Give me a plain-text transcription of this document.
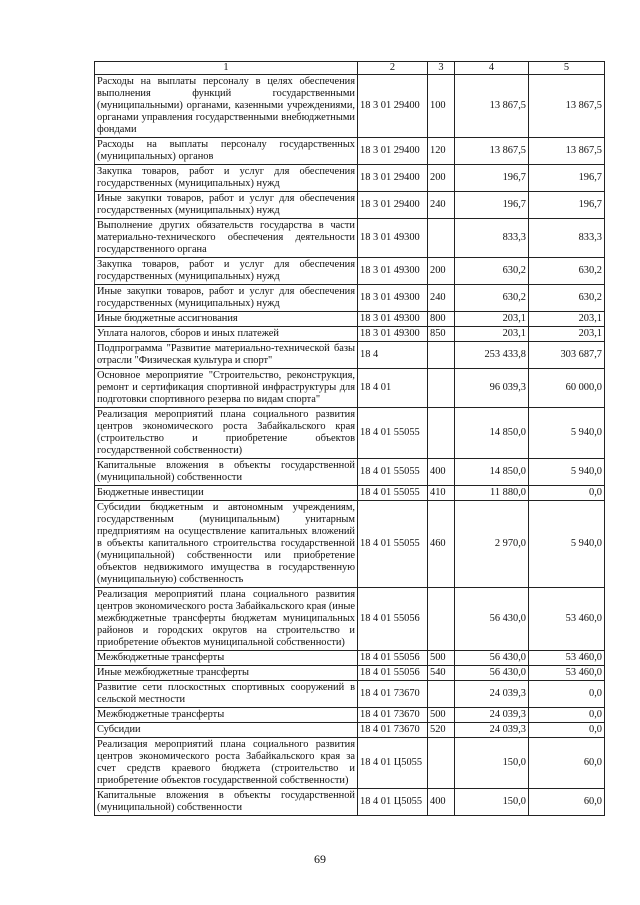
1	2	3	4	5
Расходы на выплаты персоналу в целях обеспечения выполнения функций государственными (муниципальными) органами, казенными учреждениями, органами управления государственными внебюджетными фондами	18 3 01 29400	100	13 867,5	13 867,5
Расходы на выплаты персоналу государственных (муниципальных) органов	18 3 01 29400	120	13 867,5	13 867,5
Закупка товаров, работ и услуг для обеспечения государственных (муниципальных) нужд	18 3 01 29400	200	196,7	196,7
Иные закупки товаров, работ и услуг для обеспечения государственных (муниципальных) нужд	18 3 01 29400	240	196,7	196,7
Выполнение других обязательств государства в части материально-технического обеспечения деятельности государственного органа	18 3 01 49300		833,3	833,3
Закупка товаров, работ и услуг для обеспечения государственных (муниципальных) нужд	18 3 01 49300	200	630,2	630,2
Иные закупки товаров, работ и услуг для обеспечения государственных (муниципальных) нужд	18 3 01 49300	240	630,2	630,2
Иные бюджетные ассигнования	18 3 01 49300	800	203,1	203,1
Уплата налогов, сборов и иных платежей	18 3 01 49300	850	203,1	203,1
Подпрограмма "Развитие материально-технической базы отрасли "Физическая культура и спорт"	18 4		253 433,8	303 687,7
Основное мероприятие "Строительство, реконструкция, ремонт и сертификация спортивной инфраструктуры для подготовки спортивного резерва по видам спорта"	18 4 01		96 039,3	60 000,0
Реализация мероприятий плана социального развития центров экономического роста Забайкальского края (строительство и приобретение объектов государственной собственности)	18 4 01 55055		14 850,0	5 940,0
Капитальные вложения в объекты государственной (муниципальной) собственности	18 4 01 55055	400	14 850,0	5 940,0
Бюджетные инвестиции	18 4 01 55055	410	11 880,0	0,0
Субсидии бюджетным и автономным учреждениям, государственным (муниципальным) унитарным предприятиям на осуществление капитальных вложений в объекты капитального строительства государственной (муниципальной) собственности или приобретение объектов недвижимого имущества в государственную (муниципальную) собственность	18 4 01 55055	460	2 970,0	5 940,0
Реализация мероприятий плана социального развития центров экономического роста Забайкальского края (иные межбюджетные трансферты бюджетам муниципальных районов и городских округов на строительство и приобретение объектов муниципальной собственности)	18 4 01 55056		56 430,0	53 460,0
Межбюджетные трансферты	18 4 01 55056	500	56 430,0	53 460,0
Иные межбюджетные трансферты	18 4 01 55056	540	56 430,0	53 460,0
Развитие сети плоскостных спортивных сооружений в сельской местности	18 4 01 73670		24 039,3	0,0
Межбюджетные трансферты	18 4 01 73670	500	24 039,3	0,0
Субсидии	18 4 01 73670	520	24 039,3	0,0
Реализация мероприятий плана социального развития центров экономического роста Забайкальского края за счет средств краевого бюджета (строительство и приобретение объектов государственной собственности)	18 4 01 Ц5055		150,0	60,0
Капитальные вложения в объекты государственной (муниципальной) собственности	18 4 01 Ц5055	400	150,0	60,0
69
